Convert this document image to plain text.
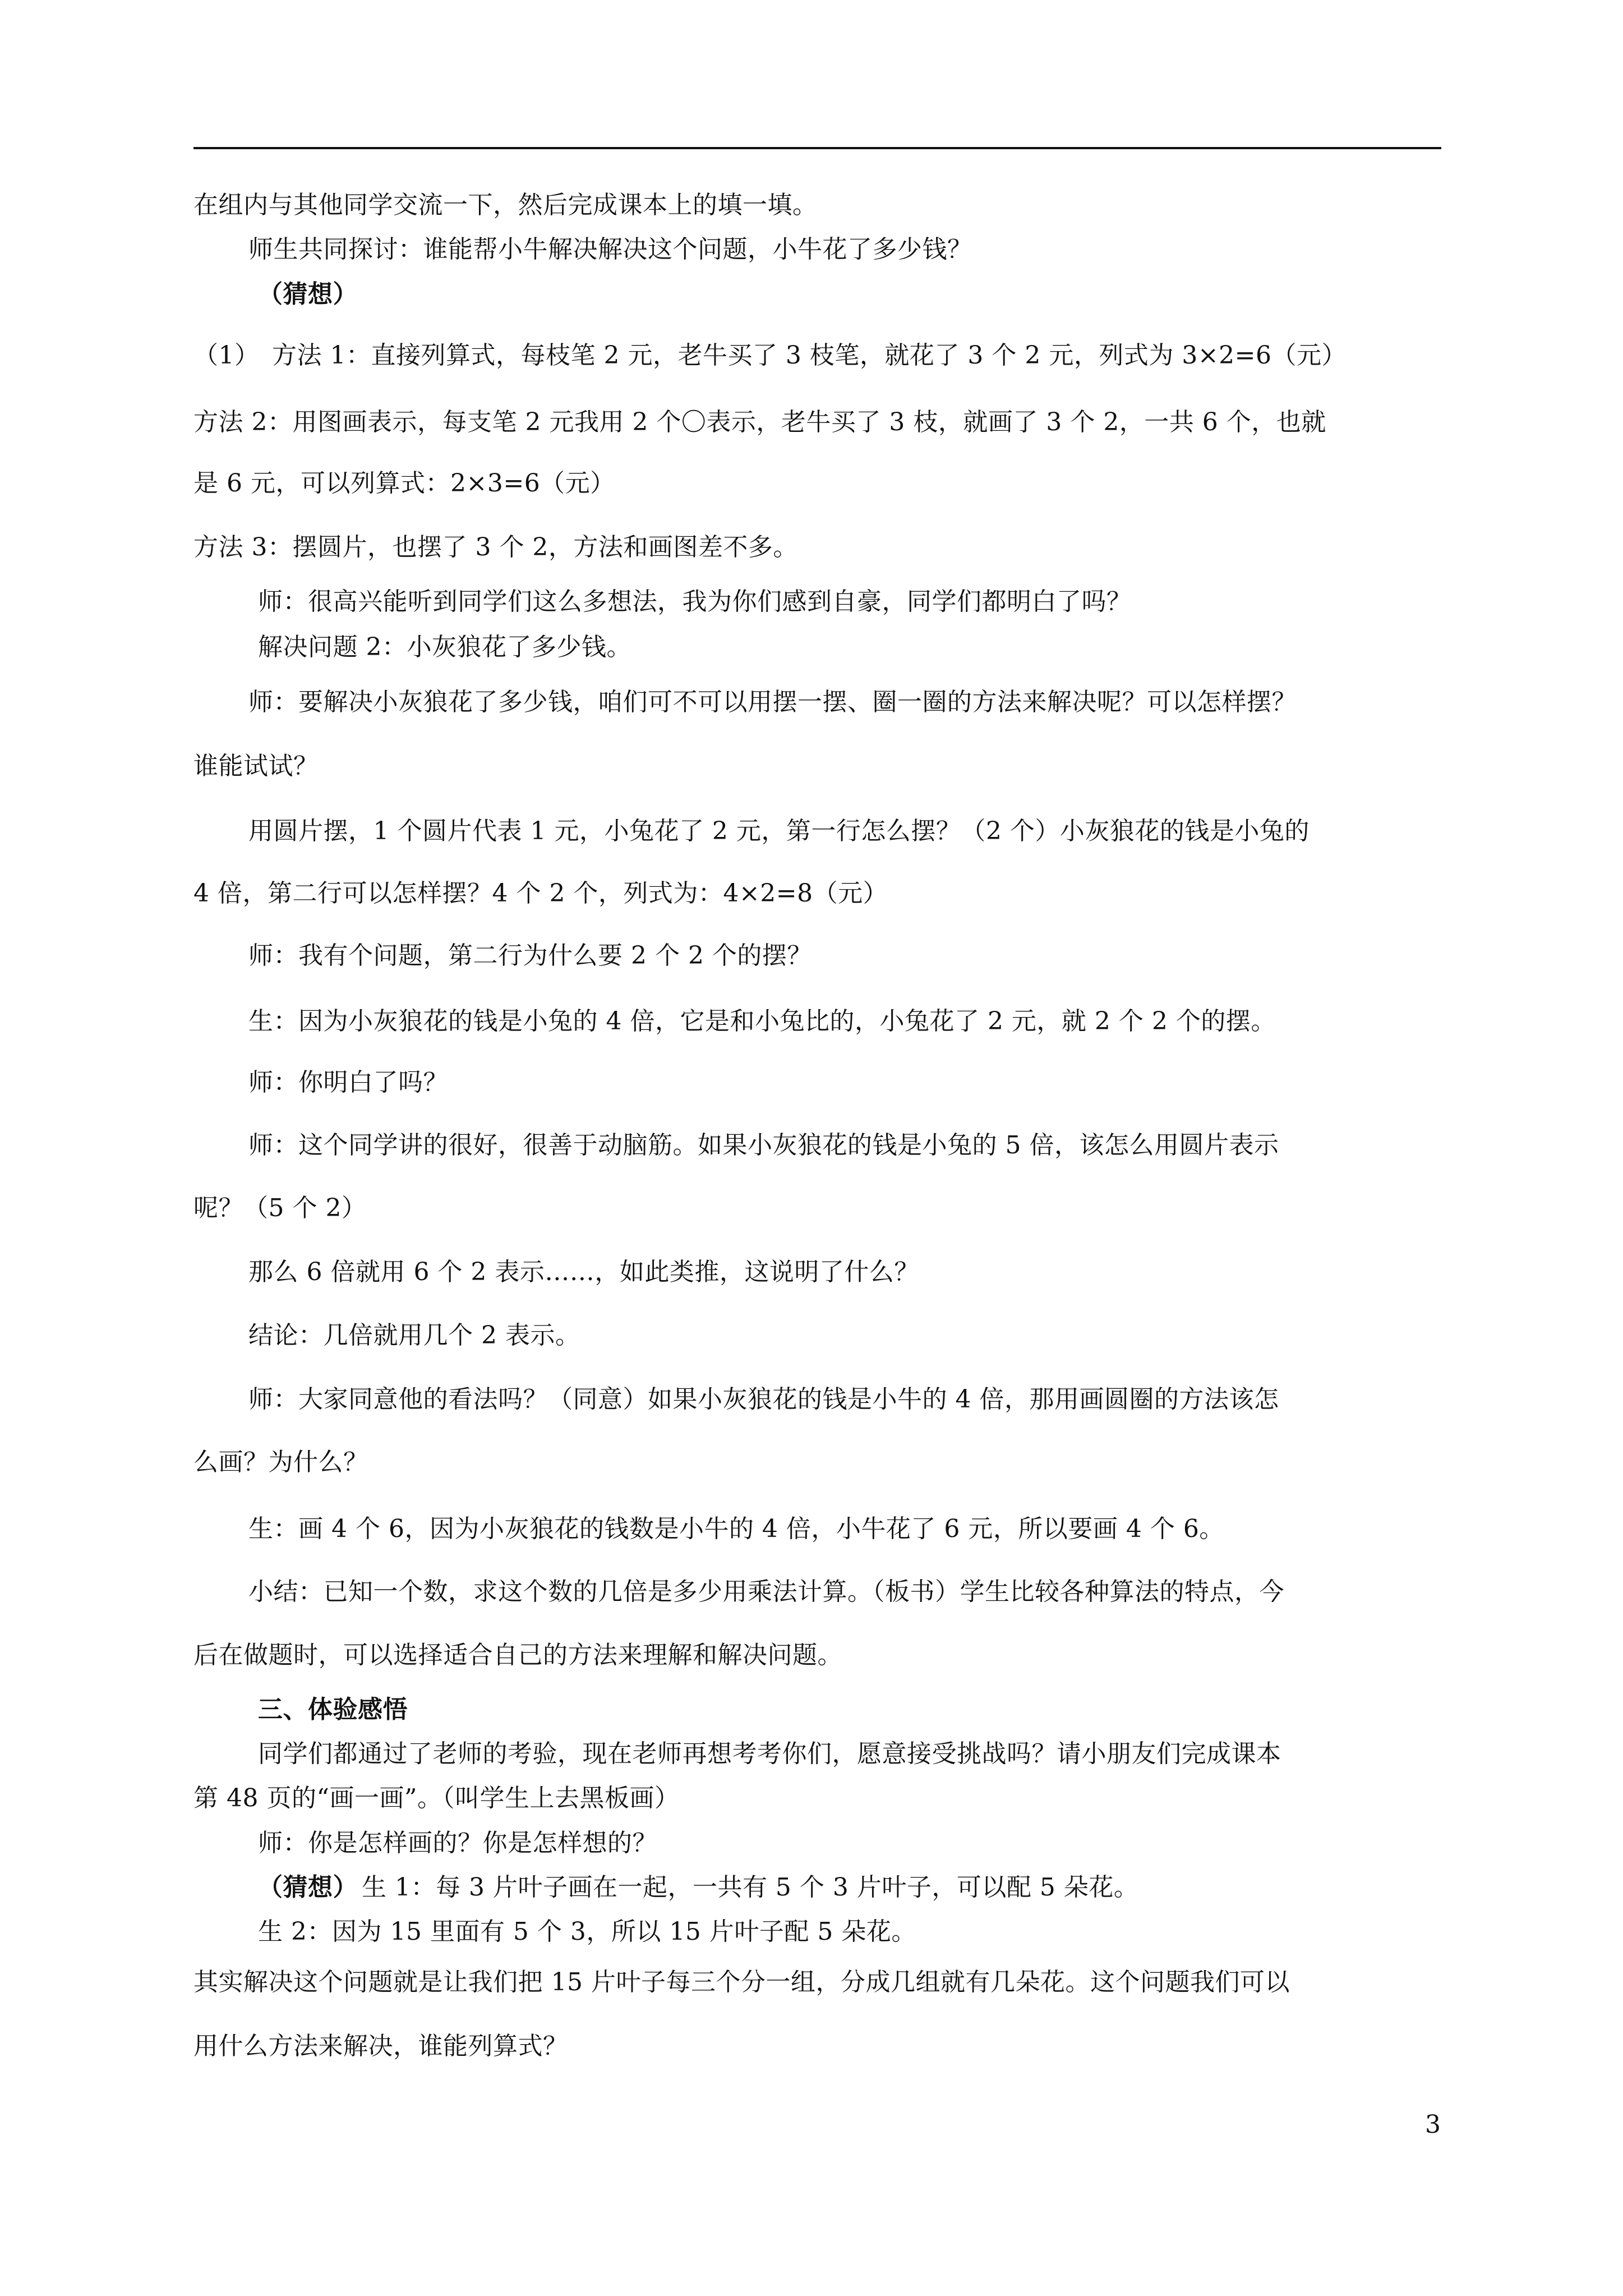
在组内与其他同学交流一下，然后完成课本上的填一填。
师生共同探讨：谁能帮小牛解决解决这个问题，小牛花了多少钱？
（猜想）
（1）　方法 1：直接列算式，每枝笔 2 元，老牛买了 3 枝笔，就花了 3 个 2 元，列式为 3×2=6（元）
方法 2：用图画表示，每支笔 2 元我用 2 个〇表示，老牛买了 3 枝，就画了 3 个 2，一共 6 个，也就
是 6 元，可以列算式：2×3=6（元）
方法 3：摆圆片，也摆了 3 个 2，方法和画图差不多。
师：很高兴能听到同学们这么多想法，我为你们感到自豪，同学们都明白了吗？
解决问题 2：小灰狼花了多少钱。
师：要解决小灰狼花了多少钱，咱们可不可以用摆一摆、圈一圈的方法来解决呢？可以怎样摆？
谁能试试？
用圆片摆，1 个圆片代表 1 元，小兔花了 2 元，第一行怎么摆？（2 个）小灰狼花的钱是小兔的
4 倍，第二行可以怎样摆？4 个 2 个，列式为：4×2=8（元）
师：我有个问题，第二行为什么要 2 个 2 个的摆？
生：因为小灰狼花的钱是小兔的 4 倍，它是和小兔比的，小兔花了 2 元，就 2 个 2 个的摆。
师：你明白了吗？
师：这个同学讲的很好，很善于动脑筋。如果小灰狼花的钱是小兔的 5 倍，该怎么用圆片表示
呢？（5 个 2）
那么 6 倍就用 6 个 2 表示……，如此类推，这说明了什么？
结论：几倍就用几个 2 表示。
师：大家同意他的看法吗？（同意）如果小灰狼花的钱是小牛的 4 倍，那用画圆圈的方法该怎
么画？为什么？
生：画 4 个 6，因为小灰狼花的钱数是小牛的 4 倍，小牛花了 6 元，所以要画 4 个 6。
小结：已知一个数，求这个数的几倍是多少用乘法计算。（板书）学生比较各种算法的特点，今
后在做题时，可以选择适合自己的方法来理解和解决问题。
三、体验感悟
同学们都通过了老师的考验，现在老师再想考考你们，愿意接受挑战吗？请小朋友们完成课本
第 48 页的“画一画”。（叫学生上去黑板画）
师：你是怎样画的？你是怎样想的？
（猜想） 生 1：每 3 片叶子画在一起，一共有 5 个 3 片叶子，可以配 5 朵花。
生 2：因为 15 里面有 5 个 3，所以 15 片叶子配 5 朵花。
其实解决这个问题就是让我们把 15 片叶子每三个分一组，分成几组就有几朵花。这个问题我们可以
用什么方法来解决，谁能列算式？
3
